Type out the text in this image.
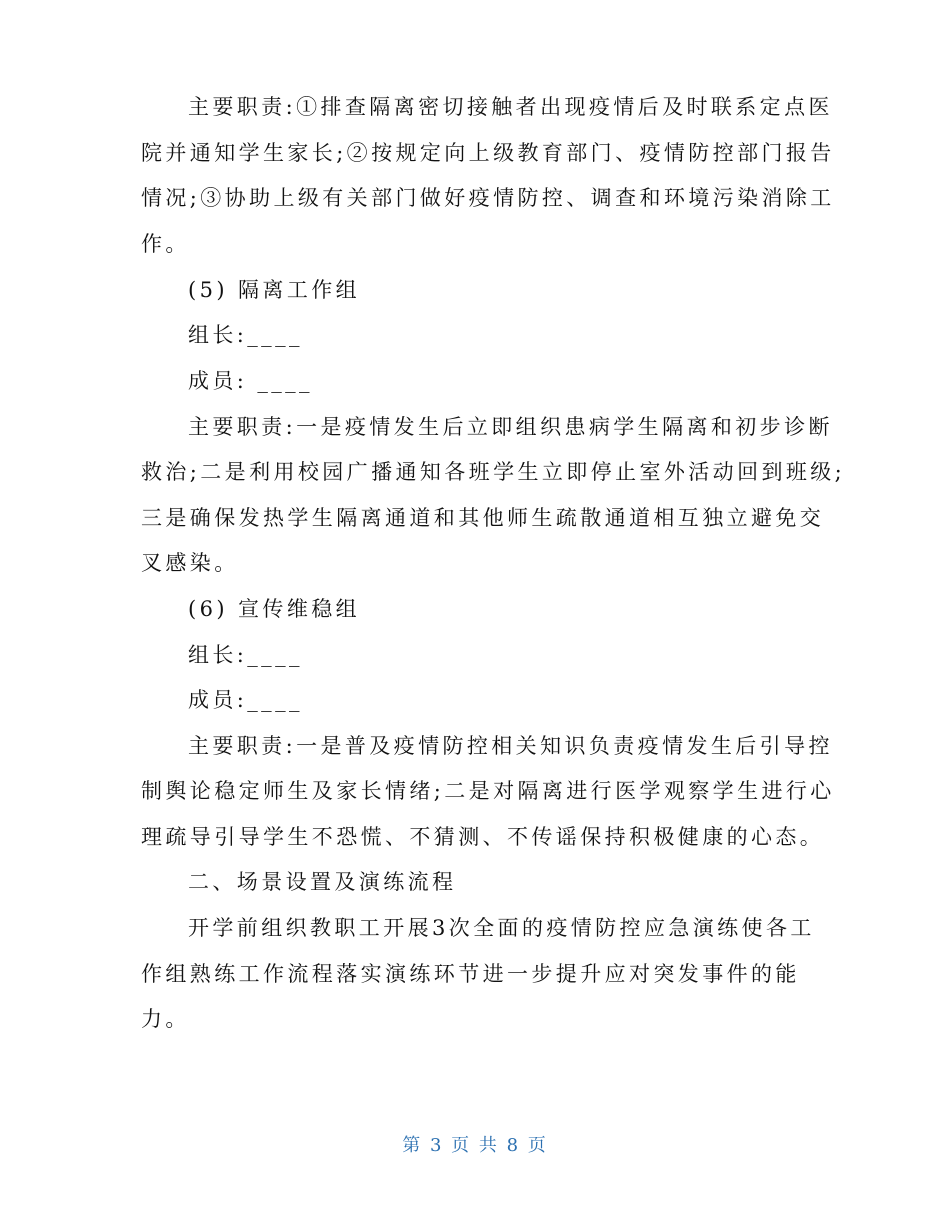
主要职责:①排查隔离密切接触者出现疫情后及时联系定点医
院并通知学生家长;②按规定向上级教育部门、疫情防控部门报告
情况;③协助上级有关部门做好疫情防控、调查和环境污染消除工
作。
(5) 隔离工作组
组长:____
成员: ____
主要职责:一是疫情发生后立即组织患病学生隔离和初步诊断
救治;二是利用校园广播通知各班学生立即停止室外活动回到班级;
三是确保发热学生隔离通道和其他师生疏散通道相互独立避免交
叉感染。
(6) 宣传维稳组
组长:____
成员:____
主要职责:一是普及疫情防控相关知识负责疫情发生后引导控
制舆论稳定师生及家长情绪;二是对隔离进行医学观察学生进行心
理疏导引导学生不恐慌、不猜测、不传谣保持积极健康的心态。
二、场景设置及演练流程
开学前组织教职工开展3次全面的疫情防控应急演练使各工
作组熟练工作流程落实演练环节进一步提升应对突发事件的能
力。
第 3 页 共 8 页
